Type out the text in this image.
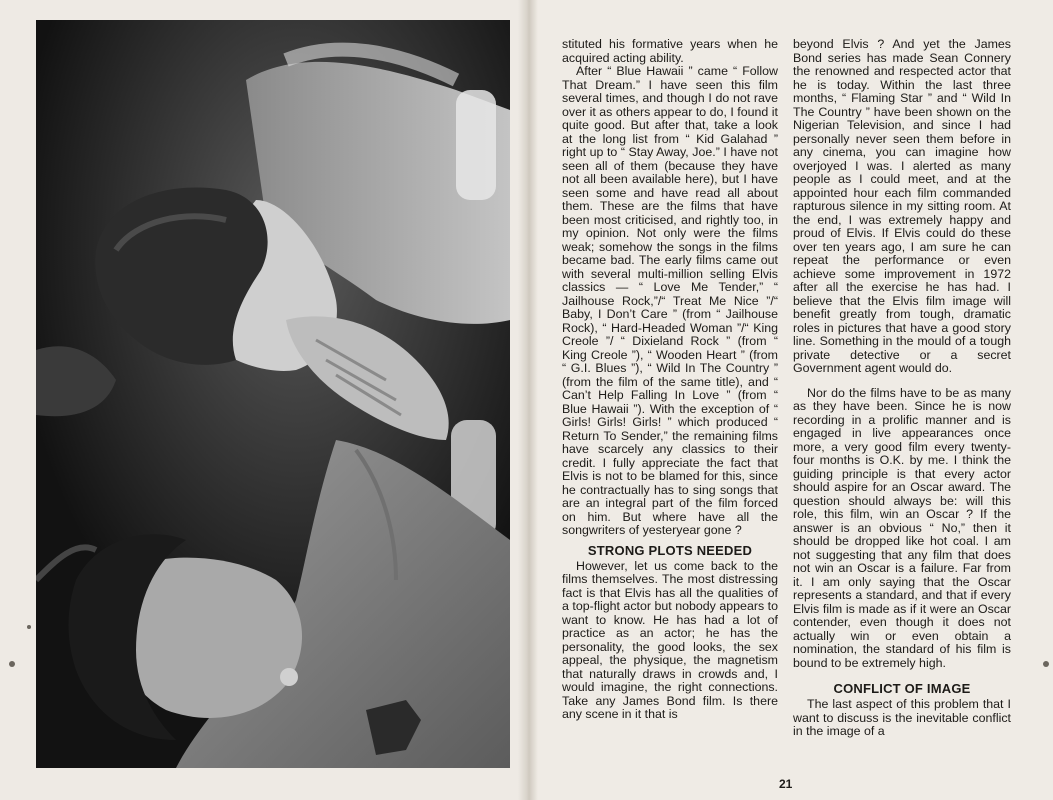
stituted his formative years when he acquired acting ability.

After “ Blue Hawaii ” came “ Follow That Dream.” I have seen this film several times, and though I do not rave over it as others appear to do, I found it quite good. But after that, take a look at the long list from “ Kid Galahad ” right up to “ Stay Away, Joe.” I have not seen all of them (because they have not all been available here), but I have seen some and have read all about them. These are the films that have been most criticised, and rightly too, in my opinion. Not only were the films weak; somehow the songs in the films became bad. The early films came out with several multi-million selling Elvis classics — “ Love Me Tender,” “ Jailhouse Rock,”/“ Treat Me Nice ”/“ Baby, I Don’t Care ” (from “ Jailhouse Rock), “ Hard-Headed Woman ”/“ King Creole ”/ “ Dixieland Rock ” (from “ King Creole ”), “ Wooden Heart ” (from “ G.I. Blues ”), “ Wild In The Country ” (from the film of the same title), and “ Can’t Help Falling In Love ” (from “ Blue Hawaii ”). With the exception of “ Girls! Girls! Girls! ” which produced “ Return To Sender,” the remaining films have scarcely any classics to their credit. I fully appreciate the fact that Elvis is not to be blamed for this, since he contractually has to sing songs that are an integral part of the film forced on him. But where have all the songwriters of yesteryear gone ?

STRONG PLOTS NEEDED

However, let us come back to the films themselves. The most distressing fact is that Elvis has all the qualities of a top-flight actor but nobody appears to want to know. He has had a lot of practice as an actor; he has the personality, the good looks, the sex appeal, the physique, the magnetism that naturally draws in crowds and, I would imagine, the right connections. Take any James Bond film. Is there any scene in it that is

beyond Elvis ? And yet the James Bond series has made Sean Connery the renowned and respected actor that he is today. Within the last three months, “ Flaming Star ” and “ Wild In The Country ” have been shown on the Nigerian Television, and since I had personally never seen them before in any cinema, you can imagine how overjoyed I was. I alerted as many people as I could meet, and at the appointed hour each film commanded rapturous silence in my sitting room. At the end, I was extremely happy and proud of Elvis. If Elvis could do these over ten years ago, I am sure he can repeat the performance or even achieve some improvement in 1972 after all the exercise he has had. I believe that the Elvis film image will benefit greatly from tough, dramatic roles in pictures that have a good story line. Something in the mould of a tough private detective or a secret Government agent would do.

Nor do the films have to be as many as they have been. Since he is now recording in a prolific manner and is engaged in live appearances once more, a very good film every twenty-four months is O.K. by me. I think the guiding principle is that every actor should aspire for an Oscar award. The question should always be: will this role, this film, win an Oscar ? If the answer is an obvious “ No,” then it should be dropped like hot coal. I am not suggesting that any film that does not win an Oscar is a failure. Far from it. I am only saying that the Oscar represents a standard, and that if every Elvis film is made as if it were an Oscar contender, even though it does not actually win or even obtain a nomination, the standard of his film is bound to be extremely high.

CONFLICT OF IMAGE

The last aspect of this problem that I want to discuss is the inevitable conflict in the image of a

21
